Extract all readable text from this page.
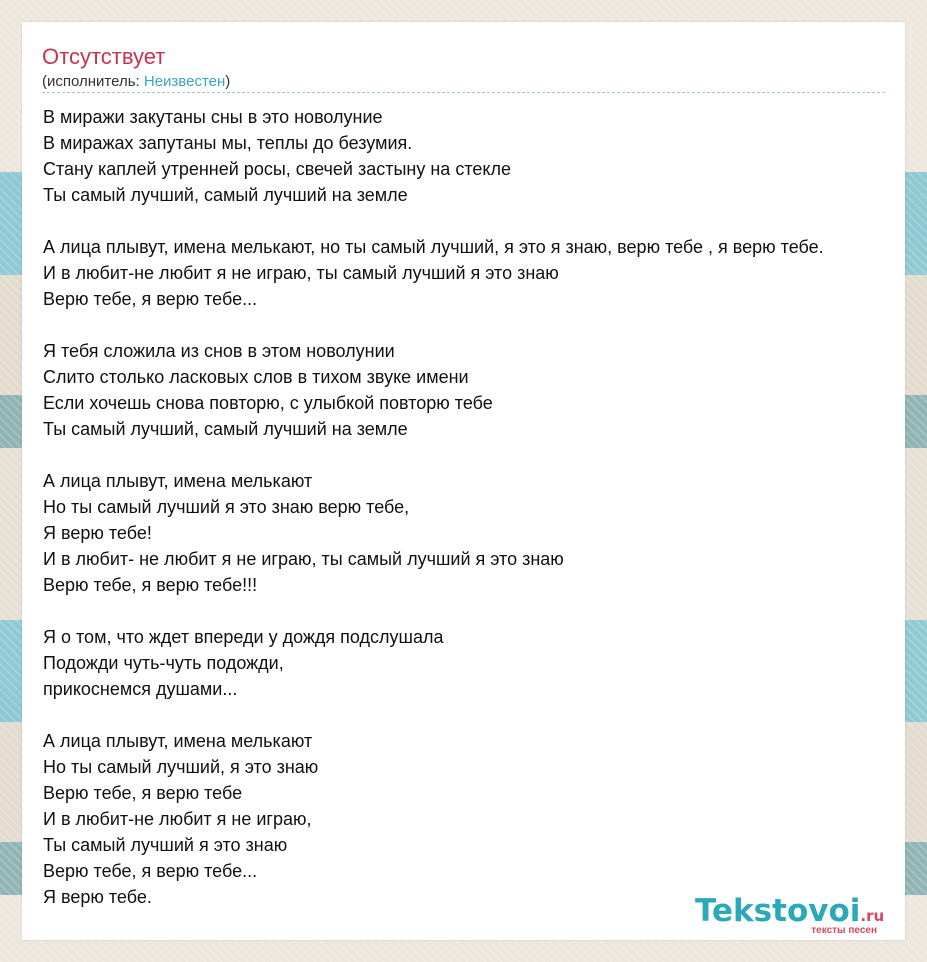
Отсутствует
(исполнитель: Неизвестен)
В миражи закутаны сны в это новолуние
В миражах запутаны мы, теплы до безумия.
Стану каплей утренней росы, свечей застыну на стекле
Ты самый лучший, самый лучший на земле
А лица плывут, имена мелькают, но ты самый лучший, я это я знаю, верю тебе , я верю тебе.
И в любит-не любит я не играю, ты самый лучший я это знаю
Верю тебе, я верю тебе...
Я тебя сложила из снов в этом новолунии
Слито столько ласковых слов в тихом звуке имени
Если хочешь снова повторю, с улыбкой повторю тебе
Ты самый лучший, самый лучший на земле
А лица плывут, имена мелькают
Но ты самый лучший я это знаю верю тебе,
Я верю тебе!
И в любит- не любит я не играю, ты самый лучший я это знаю
Верю тебе, я верю тебе!!!
Я о том, что ждет впереди у дождя подслушала
Подожди чуть-чуть подожди,
прикоснемся душами...
А лица плывут, имена мелькают
Но ты самый лучший, я это знаю
Верю тебе, я верю тебе
И в любит-не любит я не играю,
Ты самый лучший я это знаю
Верю тебе, я верю тебе...
Я верю тебе.	Tekstovoi.ru
тексты песен
